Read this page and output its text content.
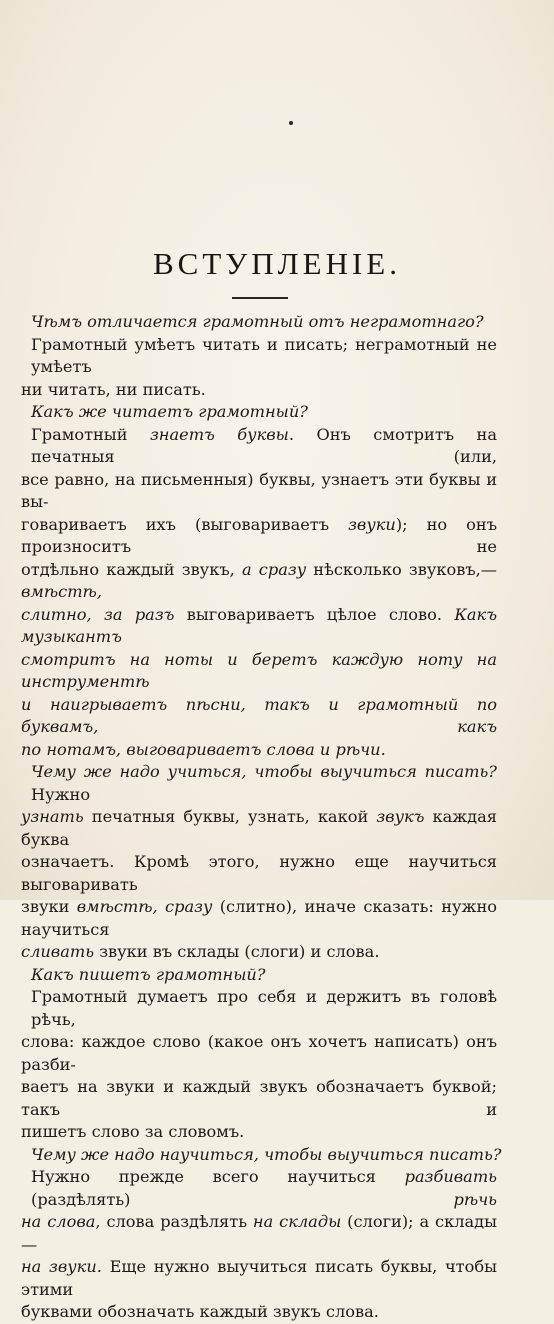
ВСТУПЛЕНІЕ.
Чѣмъ отличается грамотный отъ неграмотнаго?
Грамотный умѣетъ читать и писать; неграмотный не умѣетъ
ни читать, ни писать.
Какъ же читаетъ грамотный?
Грамотный знаетъ буквы. Онъ смотритъ на печатныя (или,
все равно, на письменныя) буквы, узнаетъ эти буквы и вы-
говариваетъ ихъ (выговариваетъ звуки); но онъ произноситъ не
отдѣльно каждый звукъ, а сразу нѣсколько звуковъ,—вмѣстѣ,
слитно, за разъ выговариваетъ цѣлое слово. Какъ музыкантъ
смотритъ на ноты и беретъ каждую ноту на инструментѣ
и наигрываетъ пѣсни, такъ и грамотный по буквамъ, какъ
по нотамъ, выговариваетъ слова и рѣчи.
Чему же надо учиться, чтобы выучиться писать? Нужно
узнать печатныя буквы, узнать, какой звукъ каждая буква
означаетъ. Кромѣ этого, нужно еще научиться выговаривать
звуки вмѣстѣ, сразу (слитно), иначе сказать: нужно научиться
сливать звуки въ склады (слоги) и слова.
Какъ пишетъ грамотный?
Грамотный думаетъ про себя и держитъ въ головѣ рѣчь,
слова: каждое слово (какое онъ хочетъ написать) онъ разби-
ваетъ на звуки и каждый звукъ обозначаетъ буквой; такъ и
пишетъ слово за словомъ.
Чему же надо научиться, чтобы выучиться писать?
Нужно прежде всего научиться разбивать (раздѣлять) рѣчь
на слова, слова раздѣлять на склады (слоги); а склады—
на звуки. Еще нужно выучиться писать буквы, чтобы этими
буквами обозначать каждый звукъ слова.
